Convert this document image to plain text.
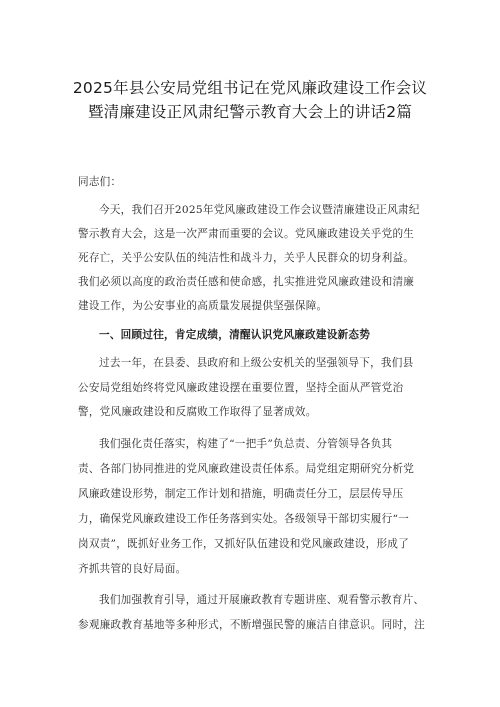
2025年县公安局党组书记在党风廉政建设工作会议
暨清廉建设正风肃纪警示教育大会上的讲话2篇
同志们：
今天，我们召开2025年党风廉政建设工作会议暨清廉建设正风肃纪
警示教育大会，这是一次严肃而重要的会议。党风廉政建设关乎党的生
死存亡，关乎公安队伍的纯洁性和战斗力，关乎人民群众的切身利益。
我们必须以高度的政治责任感和使命感，扎实推进党风廉政建设和清廉
建设工作，为公安事业的高质量发展提供坚强保障。
一、回顾过往，肯定成绩，清醒认识党风廉政建设新态势
过去一年，在县委、县政府和上级公安机关的坚强领导下，我们县
公安局党组始终将党风廉政建设摆在重要位置，坚持全面从严管党治
警，党风廉政建设和反腐败工作取得了显著成效。
我们强化责任落实，构建了“一把手”负总责、分管领导各负其
责、各部门协同推进的党风廉政建设责任体系。局党组定期研究分析党
风廉政建设形势，制定工作计划和措施，明确责任分工，层层传导压
力，确保党风廉政建设工作任务落到实处。各级领导干部切实履行“一
岗双责”，既抓好业务工作，又抓好队伍建设和党风廉政建设，形成了
齐抓共管的良好局面。
我们加强教育引导，通过开展廉政教育专题讲座、观看警示教育片、
参观廉政教育基地等多种形式，不断增强民警的廉洁自律意识。同时，注
